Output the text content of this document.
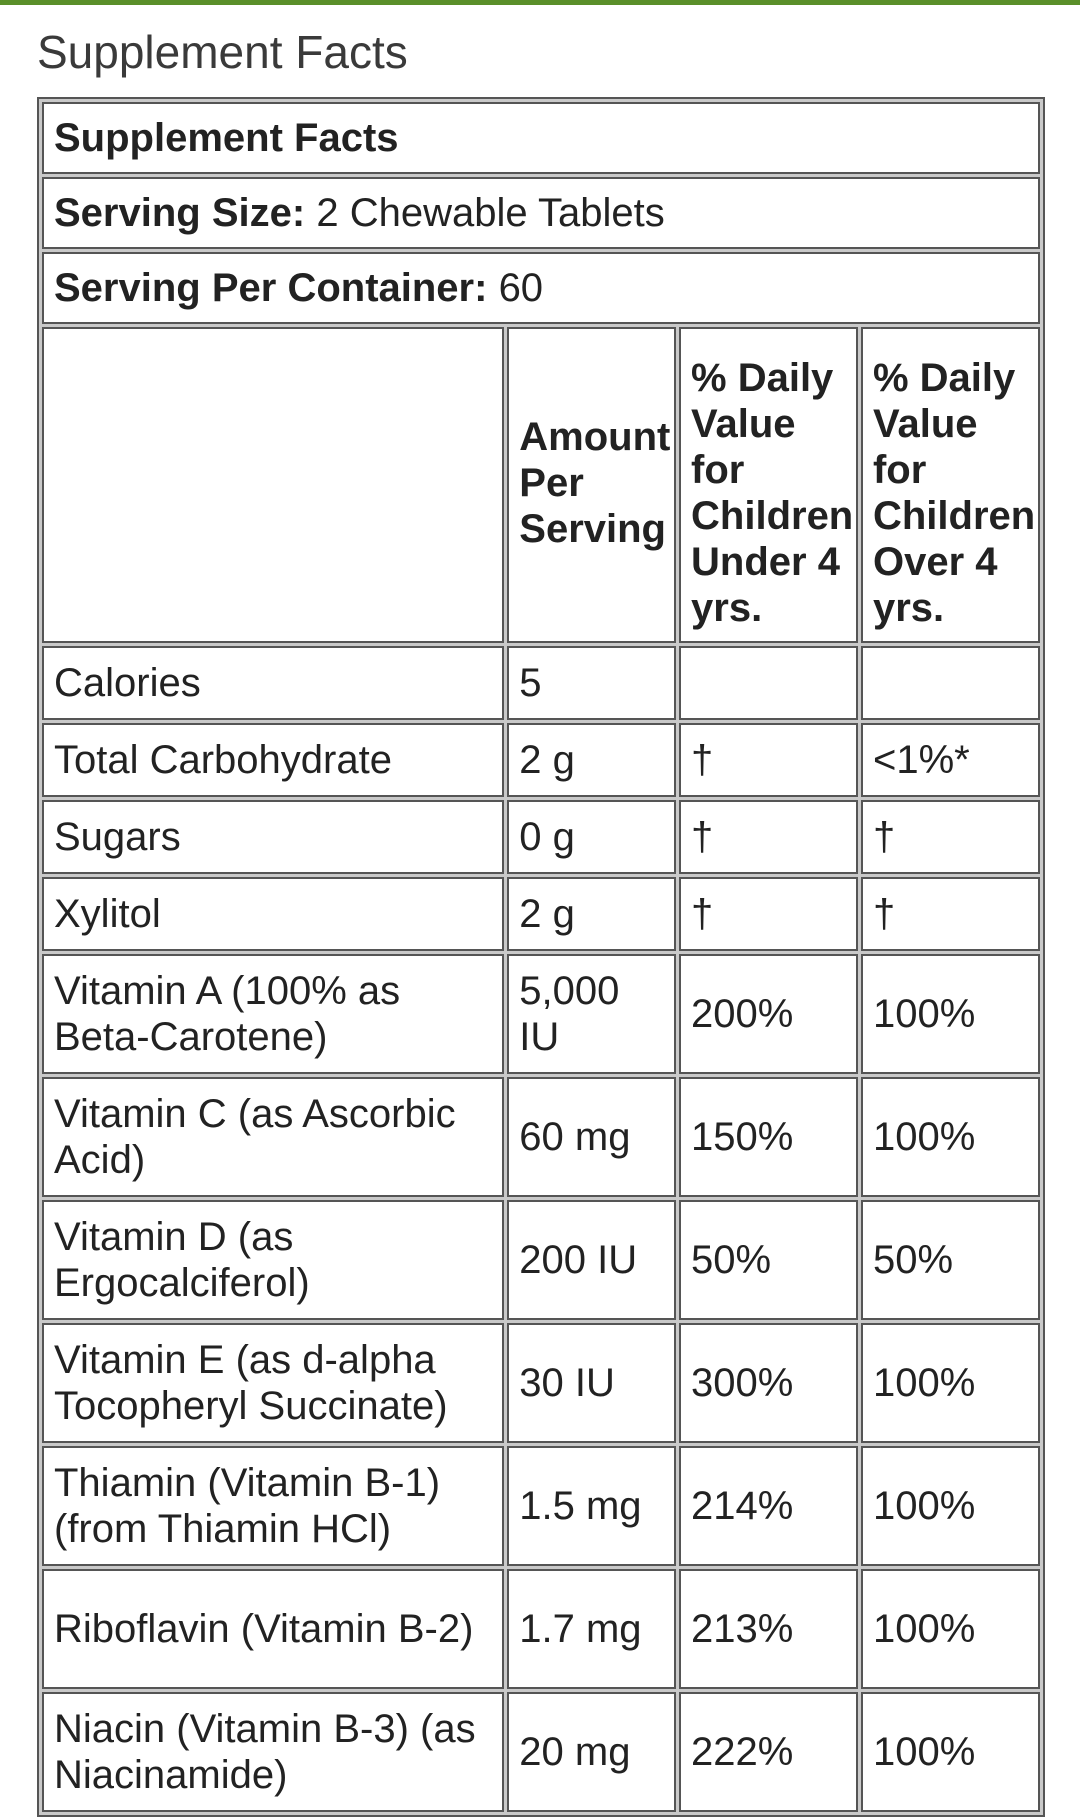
Supplement Facts
Supplement Facts			
Serving Size: 2 Chewable Tablets			
Serving Per Container: 60			
	Amount Per Serving	% Daily Value for Children Under 4 yrs.	% Daily Value for Children Over 4 yrs.
Calories	5		
Total Carbohydrate	2 g	†	<1%*
Sugars	0 g	†	†
Xylitol	2 g	†	†
Vitamin A (100% as Beta-Carotene)	5,000 IU	200%	100%
Vitamin C (as Ascorbic Acid)	60 mg	150%	100%
Vitamin D (as Ergocalciferol)	200 IU	50%	50%
Vitamin E (as d-alpha Tocopheryl Succinate)	30 IU	300%	100%
Thiamin (Vitamin B-1) (from Thiamin HCl)	1.5 mg	214%	100%
Riboflavin (Vitamin B-2)	1.7 mg	213%	100%
Niacin (Vitamin B-3) (as Niacinamide)	20 mg	222%	100%
